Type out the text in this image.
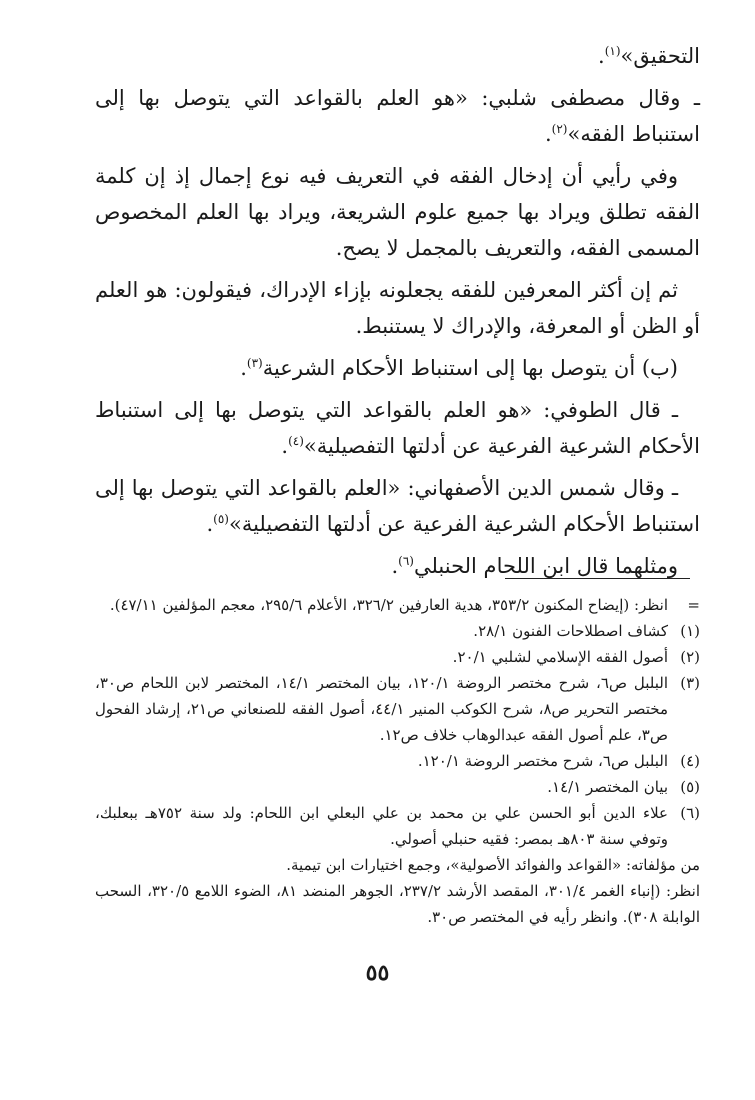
التحقيق»$^{(١)}$.

ـ وقال مصطفى شلبي: «هو العلم بالقواعد التي يتوصل بها إلى استنباط الفقه»$^{(٢)}$.

وفي رأيي أن إدخال الفقه في التعريف فيه نوع إجمال إذ إن كلمة الفقه تطلق ويراد بها جميع علوم الشريعة، ويراد بها العلم المخصوص المسمى الفقه، والتعريف بالمجمل لا يصح.

ثم إن أكثر المعرفين للفقه يجعلونه بإزاء الإدراك، فيقولون: هو العلم أو الظن أو المعرفة، والإدراك لا يستنبط.

(ب) أن يتوصل بها إلى استنباط الأحكام الشرعية$^{(٣)}$.

ـ قال الطوفي: «هو العلم بالقواعد التي يتوصل بها إلى استنباط الأحكام الشرعية الفرعية عن أدلتها التفصيلية»$^{(٤)}$.

ـ وقال شمس الدين الأصفهاني: «العلم بالقواعد التي يتوصل بها إلى استنباط الأحكام الشرعية الفرعية عن أدلتها التفصيلية»$^{(٥)}$.

ومثلهما قال ابن اللحام الحنبلي$^{(٦)}$.

=
انظر: (إيضاح المكنون ٣٥٣/٢، هدية العارفين ٣٢٦/٢، الأعلام ٢٩٥/٦، معجم المؤلفين ٤٧/١١).
(١)
كشاف اصطلاحات الفنون ٢٨/١.
(٢)
أصول الفقه الإسلامي لشلبي ٢٠/١.
(٣)
البلبل ص٦، شرح مختصر الروضة ١٢٠/١، بيان المختصر ١٤/١، المختصر لابن اللحام ص٣٠، مختصر التحرير ص٨، شرح الكوكب المنير ٤٤/١، أصول الفقه للصنعاني ص٢١، إرشاد الفحول ص٣، علم أصول الفقه عبدالوهاب خلاف ص١٢.
(٤)
البلبل ص٦، شرح مختصر الروضة ١٢٠/١.
(٥)
بيان المختصر ١٤/١.
(٦)
علاء الدين أبو الحسن علي بن محمد بن علي البعلي ابن اللحام: ولد سنة ٧٥٢هـ ببعلبك، وتوفي سنة ٨٠٣هـ بمصر: فقيه حنبلي أصولي.
من مؤلفاته: «القواعد والفوائد الأصولية»، وجمع اختيارات ابن تيمية.
انظر: (إنباء الغمر ٣٠١/٤، المقصد الأرشد ٢٣٧/٢، الجوهر المنضد ٨١، الضوء اللامع ٣٢٠/٥، السحب الوابلة ٣٠٨). وانظر رأيه في المختصر ص٣٠.
٥٥
